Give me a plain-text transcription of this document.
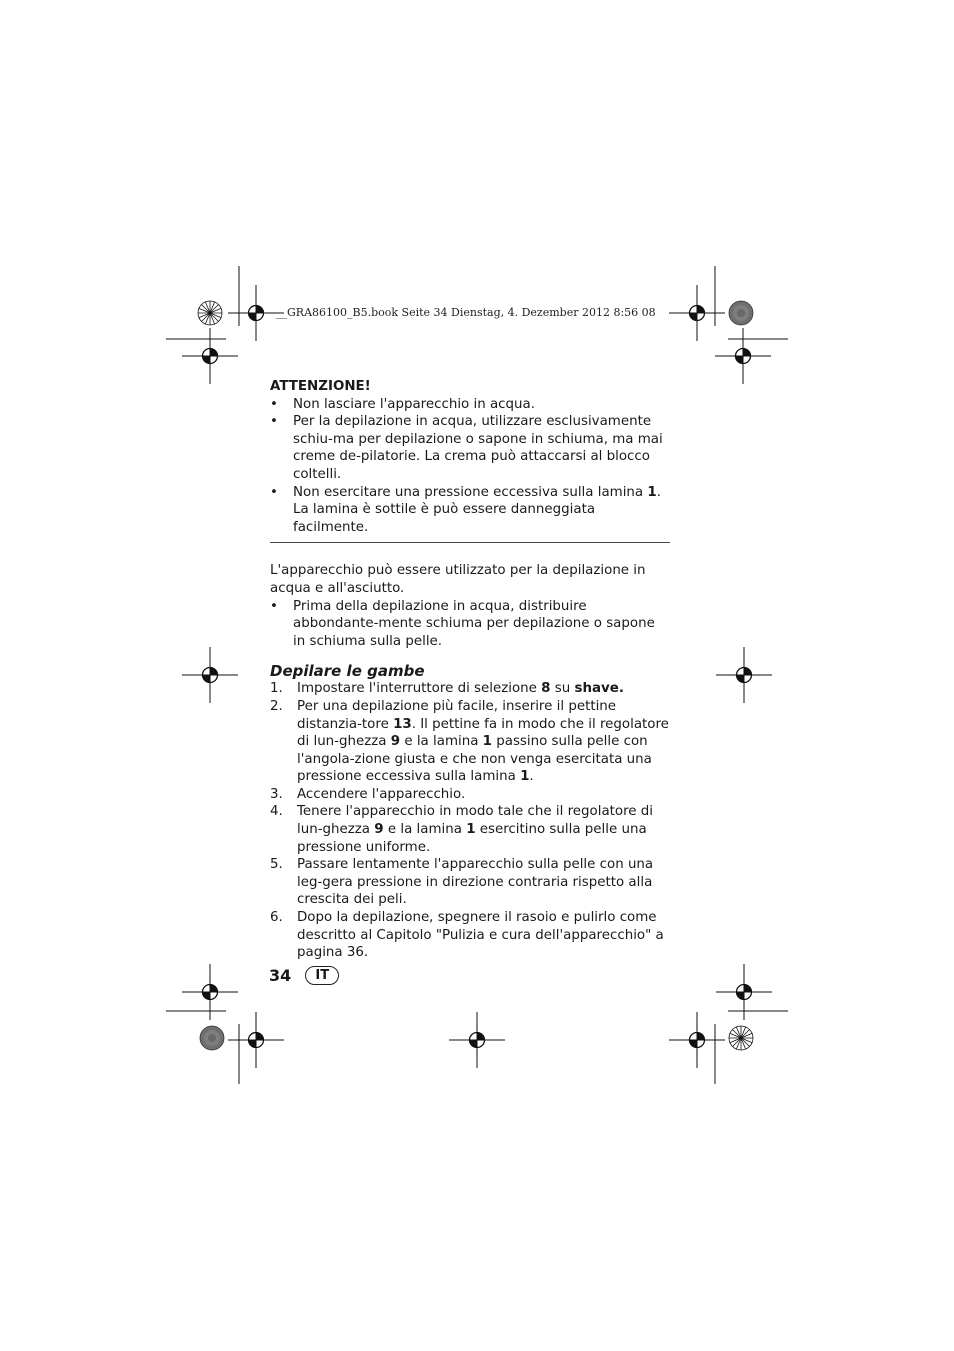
__GRA86100_B5.book Seite 34 Dienstag, 4. Dezember 2012 8:56 08
ATTENZIONE!
• Non lasciare l'apparecchio in acqua.
• Per la depilazione in acqua, utilizzare esclusivamente schiu-ma per depilazione o sapone in schiuma, ma mai creme de-pilatorie. La crema può attaccarsi al blocco coltelli.
• Non esercitare una pressione eccessiva sulla lamina 1. La lamina è sottile è può essere danneggiata facilmente.
L'apparecchio può essere utilizzato per la depilazione in acqua e all'asciutto.
• Prima della depilazione in acqua, distribuire abbondante-mente schiuma per depilazione o sapone in schiuma sulla pelle.
Depilare le gambe
1. Impostare l'interruttore di selezione 8 su shave.
2. Per una depilazione più facile, inserire il pettine distanzia-tore 13. Il pettine fa in modo che il regolatore di lun-ghezza 9 e la lamina 1 passino sulla pelle con l'angola-zione giusta e che non venga esercitata una pressione eccessiva sulla lamina 1.
3. Accendere l'apparecchio.
4. Tenere l'apparecchio in modo tale che il regolatore di lun-ghezza 9 e la lamina 1 esercitino sulla pelle una pressione uniforme.
5. Passare lentamente l'apparecchio sulla pelle con una leg-gera pressione in direzione contraria rispetto alla crescita dei peli.
6. Dopo la depilazione, spegnere il rasoio e pulirlo come descritto al Capitolo "Pulizia e cura dell'apparecchio" a pagina 36.
34	IT
